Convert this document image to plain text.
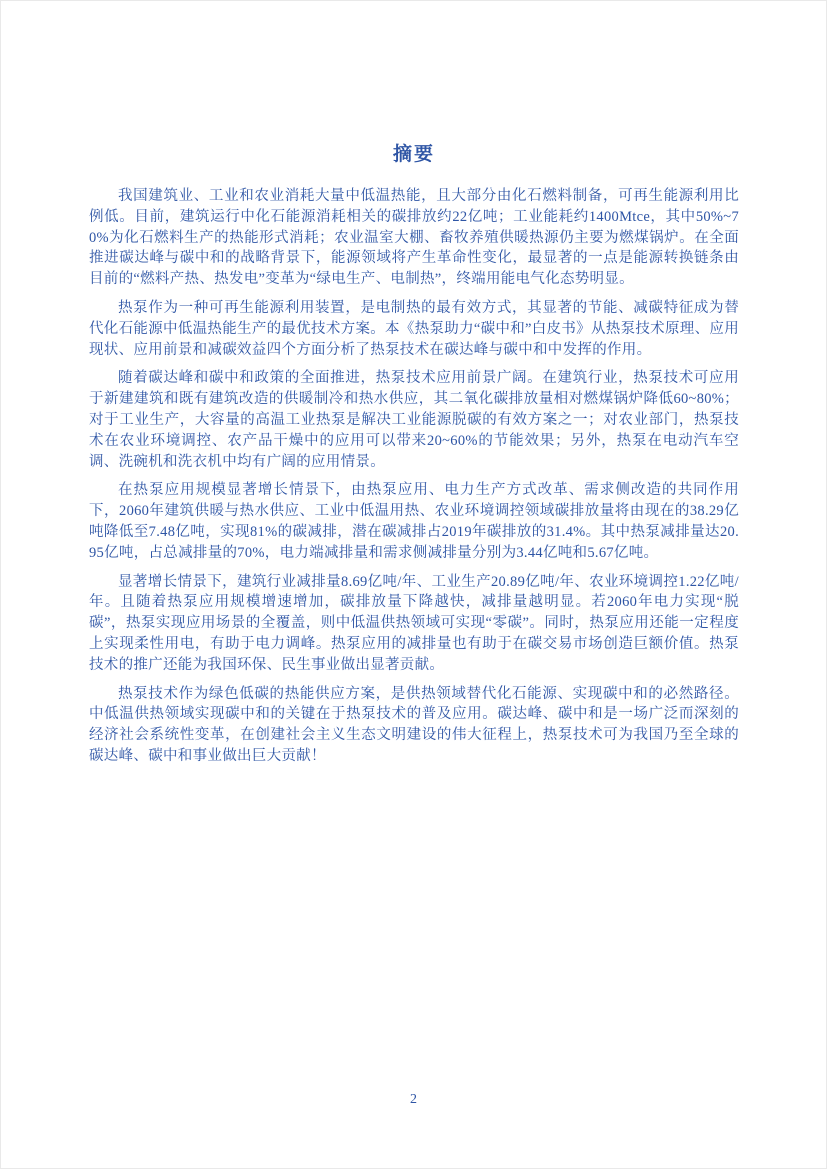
摘要

我国建筑业、工业和农业消耗大量中低温热能，且大部分由化石燃料制备，可再生能源利用比例低。目前，建筑运行中化石能源消耗相关的碳排放约22亿吨；工业能耗约1400Mtce，其中50%~70%为化石燃料生产的热能形式消耗；农业温室大棚、畜牧养殖供暖热源仍主要为燃煤锅炉。在全面推进碳达峰与碳中和的战略背景下，能源领域将产生革命性变化，最显著的一点是能源转换链条由目前的“燃料产热、热发电”变革为“绿电生产、电制热”，终端用能电气化态势明显。

热泵作为一种可再生能源利用装置，是电制热的最有效方式，其显著的节能、减碳特征成为替代化石能源中低温热能生产的最优技术方案。本《热泵助力“碳中和”白皮书》从热泵技术原理、应用现状、应用前景和减碳效益四个方面分析了热泵技术在碳达峰与碳中和中发挥的作用。

随着碳达峰和碳中和政策的全面推进，热泵技术应用前景广阔。在建筑行业，热泵技术可应用于新建建筑和既有建筑改造的供暖制冷和热水供应，其二氧化碳排放量相对燃煤锅炉降低60~80%；对于工业生产，大容量的高温工业热泵是解决工业能源脱碳的有效方案之一；对农业部门，热泵技术在农业环境调控、农产品干燥中的应用可以带来20~60%的节能效果；另外，热泵在电动汽车空调、洗碗机和洗衣机中均有广阔的应用情景。

在热泵应用规模显著增长情景下，由热泵应用、电力生产方式改革、需求侧改造的共同作用下，2060年建筑供暖与热水供应、工业中低温用热、农业环境调控领域碳排放量将由现在的38.29亿吨降低至7.48亿吨，实现81%的碳减排，潜在碳减排占2019年碳排放的31.4%。其中热泵减排量达20.95亿吨，占总减排量的70%，电力端减排量和需求侧减排量分别为3.44亿吨和5.67亿吨。

显著增长情景下，建筑行业减排量8.69亿吨/年、工业生产20.89亿吨/年、农业环境调控1.22亿吨/年。且随着热泵应用规模增速增加，碳排放量下降越快，减排量越明显。若2060年电力实现“脱碳”，热泵实现应用场景的全覆盖，则中低温供热领域可实现“零碳”。同时，热泵应用还能一定程度上实现柔性用电，有助于电力调峰。热泵应用的减排量也有助于在碳交易市场创造巨额价值。热泵技术的推广还能为我国环保、民生事业做出显著贡献。

热泵技术作为绿色低碳的热能供应方案，是供热领域替代化石能源、实现碳中和的必然路径。中低温供热领域实现碳中和的关键在于热泵技术的普及应用。碳达峰、碳中和是一场广泛而深刻的经济社会系统性变革，在创建社会主义生态文明建设的伟大征程上，热泵技术可为我国乃至全球的碳达峰、碳中和事业做出巨大贡献！

2
